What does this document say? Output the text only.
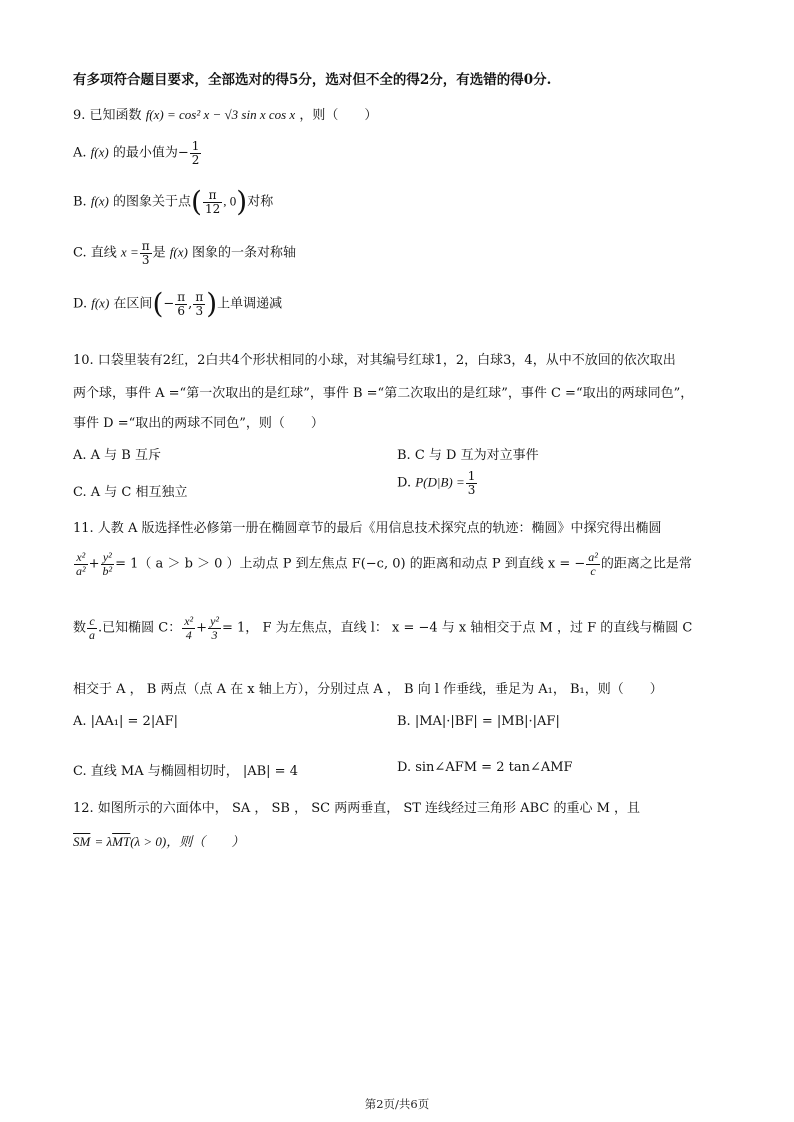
有多项符合题目要求，全部选对的得5分，选对但不全的得2分，有选错的得0分.
9. 已知函数 f(x) = cos² x − √3 sin x cos x ，则（　　）
A. f(x) 的最小值为− $\frac{1}{2}$
B. f(x) 的图象关于点( $\frac{\pi}{12}$ , 0)对称
C. 直线 $x = \frac{\pi}{3}$ 是 f(x) 图象的一条对称轴
D. f(x) 在区间(− $\frac{\pi}{6}$ , $\frac{\pi}{3}$ )上单调递减
10. 口袋里装有2红，2白共4个形状相同的小球，对其编号红球1，2，白球3，4，从中不放回的依次取出
两个球，事件 A =“第一次取出的是红球”，事件 B =“第二次取出的是红球”，事件 C =“取出的两球同色”，
事件 D =“取出的两球不同色”，则（　　）
A. A 与 B 互斥	B. C 与 D 互为对立事件
C. A 与 C 相互独立
D. $P(D|B) = \frac{1}{3}$
11. 人教 A 版选择性必修第一册在椭圆章节的最后《用信息技术探究点的轨迹：椭圆》中探究得出椭圆
$\frac{\text{x²}}{\text{a²}} + \frac{\text{y²}}{\text{b²}} = 1$（ a ＞ b ＞ 0 ）上动点 P 到左焦点 F(−c, 0) 的距离和动点 P 到直线 x = − $\frac{\text{a²}}{c}$ 的距离之比是常
数 $\frac{c}{a}$ .已知椭圆 C： $\frac{\text{x²}}{4} + \frac{\text{y²}}{3} = 1$， F 为左焦点，直线 l： x = −4 与 x 轴相交于点 M ，过 F 的直线与椭圆 C
相交于 A ， B 两点（点 A 在 x 轴上方），分别过点 A ， B 向 l 作垂线，垂足为 A₁， B₁，则（　　）
A. |AA₁| = 2|AF|	B. |MA|·|BF| = |MB|·|AF|
C. 直线 MA 与椭圆相切时， |AB| = 4	D. sin∠AFM = 2 tan∠AMF
12. 如图所示的六面体中， SA ， SB ， SC 两两垂直， ST 连线经过三角形 ABC 的重心 M ，且
$\overline{SM} = \lambda\overline{MT}(\lambda > 0)$，则（　　）
第2页/共6页
